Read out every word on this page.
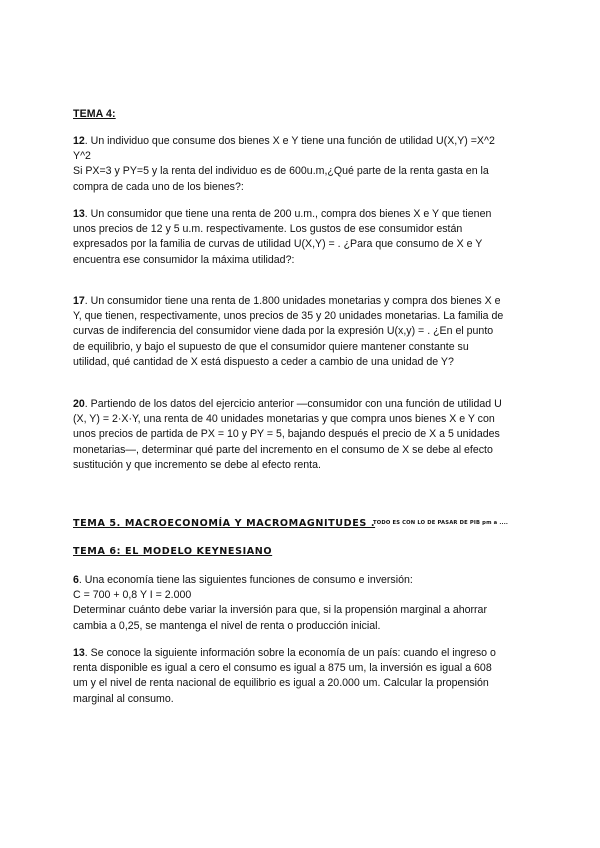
TEMA 4:
12. Un individuo que consume dos bienes X e Y tiene una función de utilidad U(X,Y) =X^2
Y^2
Si PX=3 y PY=5 y la renta del individuo es de 600u.m,¿Qué parte de la renta gasta en la
compra de cada uno de los bienes?:
13. Un consumidor que tiene una renta de 200 u.m., compra dos bienes X e Y que tienen
unos precios de 12 y 5 u.m. respectivamente. Los gustos de ese consumidor están
expresados por la familia de curvas de utilidad U(X,Y) = . ¿Para que consumo de X e Y
encuentra ese consumidor la máxima utilidad?:
17. Un consumidor tiene una renta de 1.800 unidades monetarias y compra dos bienes X e
Y, que tienen, respectivamente, unos precios de 35 y 20 unidades monetarias. La familia de
curvas de indiferencia del consumidor viene dada por la expresión U(x,y) = . ¿En el punto
de equilibrio, y bajo el supuesto de que el consumidor quiere mantener constante su
utilidad, qué cantidad de X está dispuesto a ceder a cambio de una unidad de Y?
20. Partiendo de los datos del ejercicio anterior —consumidor con una función de utilidad U
(X, Y) = 2·X·Y, una renta de 40 unidades monetarias y que compra unos bienes X e Y con
unos precios de partida de PX = 10 y PY = 5, bajando después el precio de X a 5 unidades
monetarias—, determinar qué parte del incremento en el consumo de X se debe al efecto
sustitución y que incremento se debe al efecto renta.
TEMA 5. MACROECONOMÍA Y MACROMAGNITUDES .
TODO ES CON LO DE PASAR DE PIB pm a ....
TEMA 6: EL MODELO KEYNESIANO
6. Una economía tiene las siguientes funciones de consumo e inversión:
C = 700 + 0,8 Y I = 2.000
Determinar cuánto debe variar la inversión para que, si la propensión marginal a ahorrar
cambia a 0,25, se mantenga el nivel de renta o producción inicial.
13. Se conoce la siguiente información sobre la economía de un país: cuando el ingreso o
renta disponible es igual a cero el consumo es igual a 875 um, la inversión es igual a 608
um y el nivel de renta nacional de equilibrio es igual a 20.000 um. Calcular la propensión
marginal al consumo.
